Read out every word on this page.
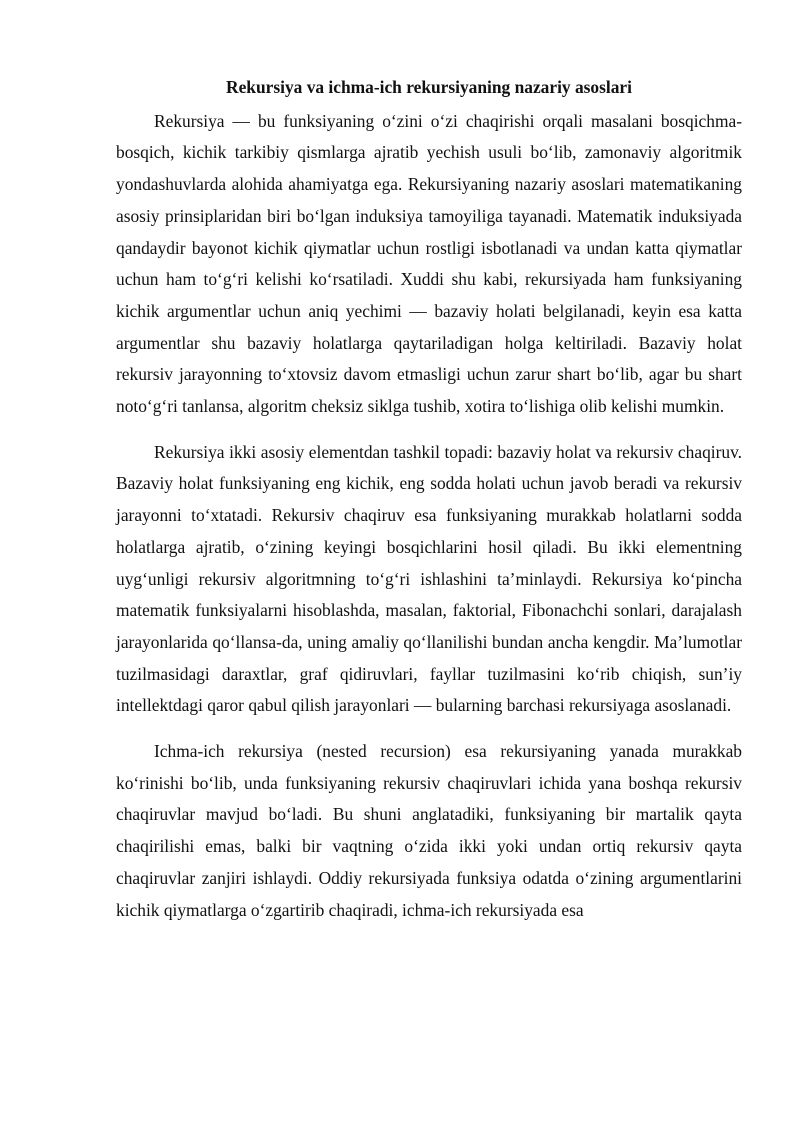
Rekursiya va ichma-ich rekursiyaning nazariy asoslari

Rekursiya — bu funksiyaning o‘zini o‘zi chaqirishi orqali masalani bosqichma-bosqich, kichik tarkibiy qismlarga ajratib yechish usuli bo‘lib, zamonaviy algoritmik yondashuvlarda alohida ahamiyatga ega. Rekursiyaning nazariy asoslari matematikaning asosiy prinsiplaridan biri bo‘lgan induksiya tamoyiliga tayanadi. Matematik induksiyada qandaydir bayonot kichik qiymatlar uchun rostligi isbotlanadi va undan katta qiymatlar uchun ham to‘g‘ri kelishi ko‘rsatiladi. Xuddi shu kabi, rekursiyada ham funksiyaning kichik argumentlar uchun aniq yechimi — bazaviy holati belgilanadi, keyin esa katta argumentlar shu bazaviy holatlarga qaytariladigan holga keltiriladi. Bazaviy holat rekursiv jarayonning to‘xtovsiz davom etmasligi uchun zarur shart bo‘lib, agar bu shart noto‘g‘ri tanlansa, algoritm cheksiz siklga tushib, xotira to‘lishiga olib kelishi mumkin.

Rekursiya ikki asosiy elementdan tashkil topadi: bazaviy holat va rekursiv chaqiruv. Bazaviy holat funksiyaning eng kichik, eng sodda holati uchun javob beradi va rekursiv jarayonni to‘xtatadi. Rekursiv chaqiruv esa funksiyaning murakkab holatlarni sodda holatlarga ajratib, o‘zining keyingi bosqichlarini hosil qiladi. Bu ikki elementning uyg‘unligi rekursiv algoritmning to‘g‘ri ishlashini ta’minlaydi. Rekursiya ko‘pincha matematik funksiyalarni hisoblashda, masalan, faktorial, Fibonachchi sonlari, darajalash jarayonlarida qo‘llansa-da, uning amaliy qo‘llanilishi bundan ancha kengdir. Ma’lumotlar tuzilmasidagi daraxtlar, graf qidiruvlari, fayllar tuzilmasini ko‘rib chiqish, sun’iy intellektdagi qaror qabul qilish jarayonlari — bularning barchasi rekursiyaga asoslanadi.

Ichma-ich rekursiya (nested recursion) esa rekursiyaning yanada murakkab ko‘rinishi bo‘lib, unda funksiyaning rekursiv chaqiruvlari ichida yana boshqa rekursiv chaqiruvlar mavjud bo‘ladi. Bu shuni anglatadiki, funksiyaning bir martalik qayta chaqirilishi emas, balki bir vaqtning o‘zida ikki yoki undan ortiq rekursiv qayta chaqiruvlar zanjiri ishlaydi. Oddiy rekursiyada funksiya odatda o‘zining argumentlarini kichik qiymatlarga o‘zgartirib chaqiradi, ichma-ich rekursiyada esa
